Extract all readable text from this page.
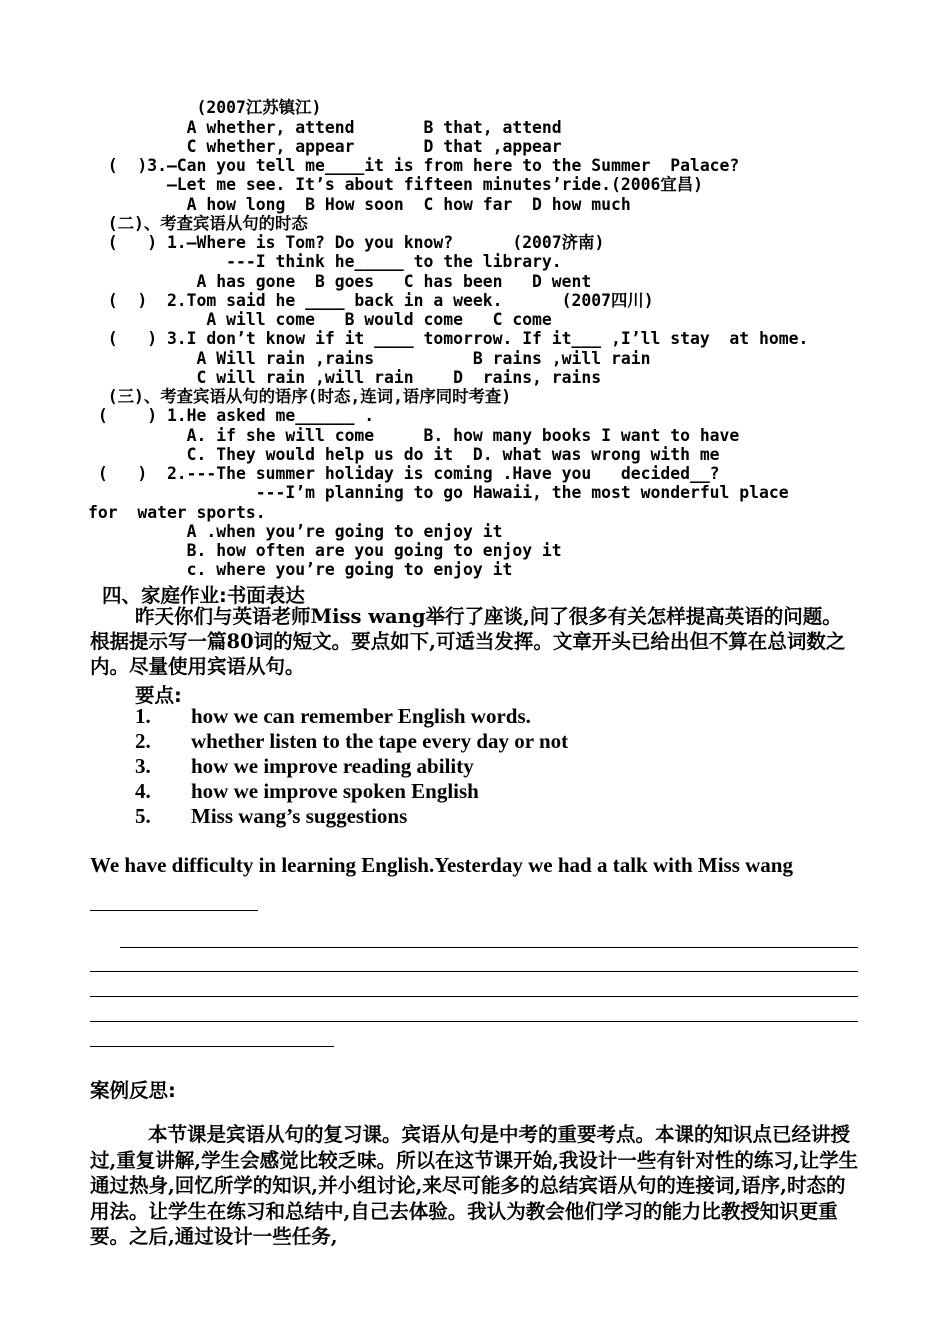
(2007江苏镇江)

A whether, attend       B that, attend

C whether, appear       D that ,appear

(  )3.—Can you tell me____it is from here to the Summer  Palace?

—Let me see. It’s about fifteen minutes’ride.(2006宜昌)

A how long  B How soon  C how far  D how much

(二)、考查宾语从句的时态

(   ) 1.—Where is Tom? Do you know?      (2007济南)

---I think he_____ to the library.

A has gone  B goes   C has been   D went

(  )  2.Tom said he ____ back in a week.      (2007四川)

A will come   B would come   C come

(   ) 3.I don’t know if it ____ tomorrow. If it___ ,I’ll stay  at home.

A Will rain ,rains          B rains ,will rain

C will rain ,will rain    D  rains, rains

(三)、考查宾语从句的语序(时态,连词,语序同时考查)

(    ) 1.He asked me______ .

A. if she will come     B. how many books I want to have

C. They would help us do it  D. what was wrong with me

(   )  2.---The summer holiday is coming .Have you   decided__?

---I’m planning to go Hawaii, the most wonderful place

for  water sports.

A .when you’re going to enjoy it

B. how often are you going to enjoy it

c. where you’re going to enjoy it

四、家庭作业:书面表达
昨天你们与英语老师Miss wang举行了座谈,问了很多有关怎样提高英语的问题。根据提示写一篇80词的短文。要点如下,可适当发挥。文章开头已给出但不算在总词数之内。尽量使用宾语从句。
要点:
1. how we can remember English words.
2. whether listen to the tape every day or not
3. how we improve reading ability
4. how we improve spoken English
5. Miss wang’s suggestions
We have difficulty in learning English.Yesterday we had a talk with Miss wang
案例反思:
本节课是宾语从句的复习课。宾语从句是中考的重要考点。本课的知识点已经讲授过,重复讲解,学生会感觉比较乏味。所以在这节课开始,我设计一些有针对性的练习,让学生通过热身,回忆所学的知识,并小组讨论,来尽可能多的总结宾语从句的连接词,语序,时态的用法。让学生在练习和总结中,自己去体验。我认为教会他们学习的能力比教授知识更重要。之后,通过设计一些任务,
